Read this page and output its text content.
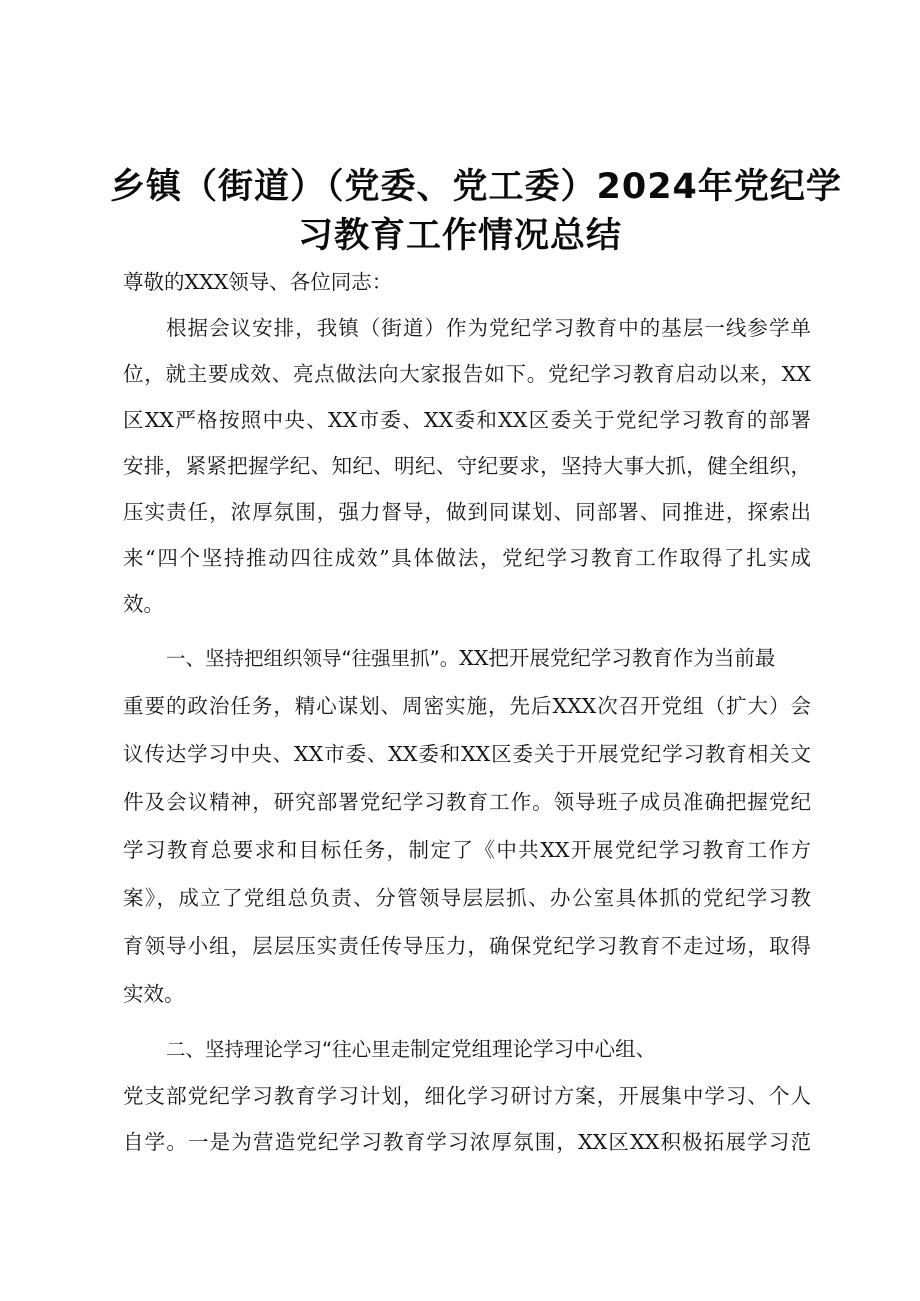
乡镇（街道）（党委、党工委）2024年党纪学
习教育工作情况总结
尊敬的XXX领导、各位同志：
根据会议安排，我镇（街道）作为党纪学习教育中的基层一线参学单
位，就主要成效、亮点做法向大家报告如下。党纪学习教育启动以来，XX
区XX严格按照中央、XX市委、XX委和XX区委关于党纪学习教育的部署
安排，紧紧把握学纪、知纪、明纪、守纪要求，坚持大事大抓，健全组织，
压实责任，浓厚氛围，强力督导，做到同谋划、同部署、同推进，探索出
来“四个坚持推动四往成效”具体做法，党纪学习教育工作取得了扎实成
效。
一、坚持把组织领导“往强里抓”。XX把开展党纪学习教育作为当前最
重要的政治任务，精心谋划、周密实施，先后XXX次召开党组（扩大）会
议传达学习中央、XX市委、XX委和XX区委关于开展党纪学习教育相关文
件及会议精神，研究部署党纪学习教育工作。领导班子成员准确把握党纪
学习教育总要求和目标任务，制定了《中共XX开展党纪学习教育工作方
案》，成立了党组总负责、分管领导层层抓、办公室具体抓的党纪学习教
育领导小组，层层压实责任传导压力，确保党纪学习教育不走过场，取得
实效。
二、坚持理论学习“往心里走制定党组理论学习中心组、
党支部党纪学习教育学习计划，细化学习研讨方案，开展集中学习、个人
自学。一是为营造党纪学习教育学习浓厚氛围，XX区XX积极拓展学习范
